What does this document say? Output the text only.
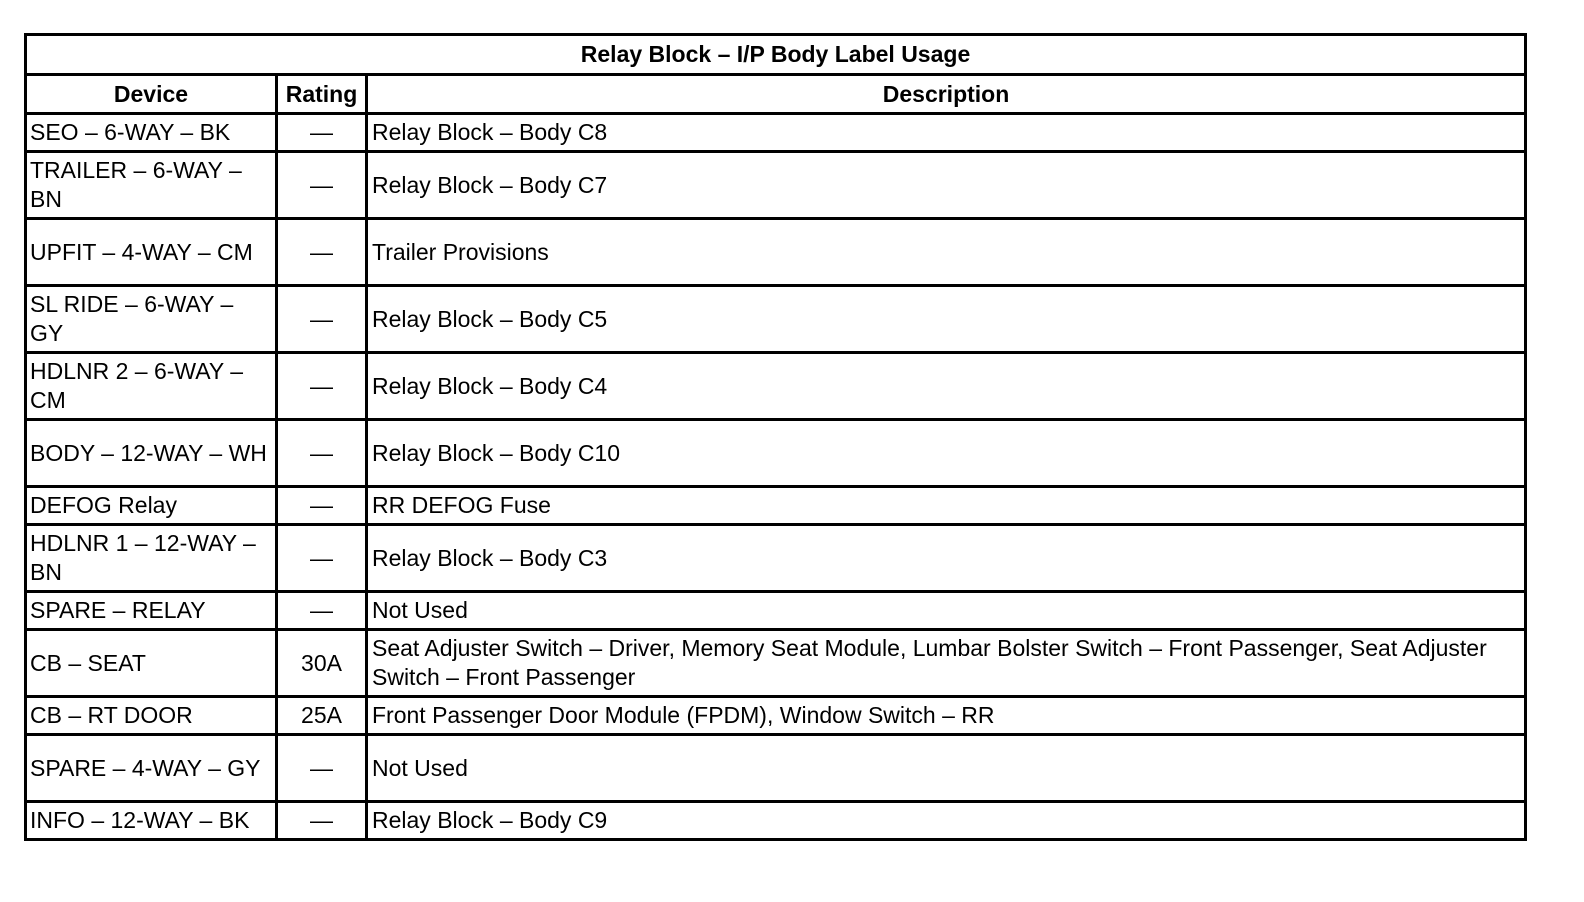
Relay Block – I/P Body Label Usage		
Device	Rating	Description
SEO – 6-WAY – BK	—	Relay Block – Body C8
TRAILER – 6-WAY – BN	—	Relay Block – Body C7
UPFIT – 4-WAY – CM	—	Trailer Provisions
SL RIDE – 6-WAY – GY	—	Relay Block – Body C5
HDLNR 2 – 6-WAY – CM	—	Relay Block – Body C4
BODY – 12-WAY – WH	—	Relay Block – Body C10
DEFOG Relay	—	RR DEFOG Fuse
HDLNR 1 – 12-WAY – BN	—	Relay Block – Body C3
SPARE – RELAY	—	Not Used
CB – SEAT	30A	Seat Adjuster Switch – Driver, Memory Seat Module, Lumbar Bolster Switch – Front Passenger, Seat Adjuster Switch – Front Passenger
CB – RT DOOR	25A	Front Passenger Door Module (FPDM), Window Switch – RR
SPARE – 4-WAY – GY	—	Not Used
INFO – 12-WAY – BK	—	Relay Block – Body C9
